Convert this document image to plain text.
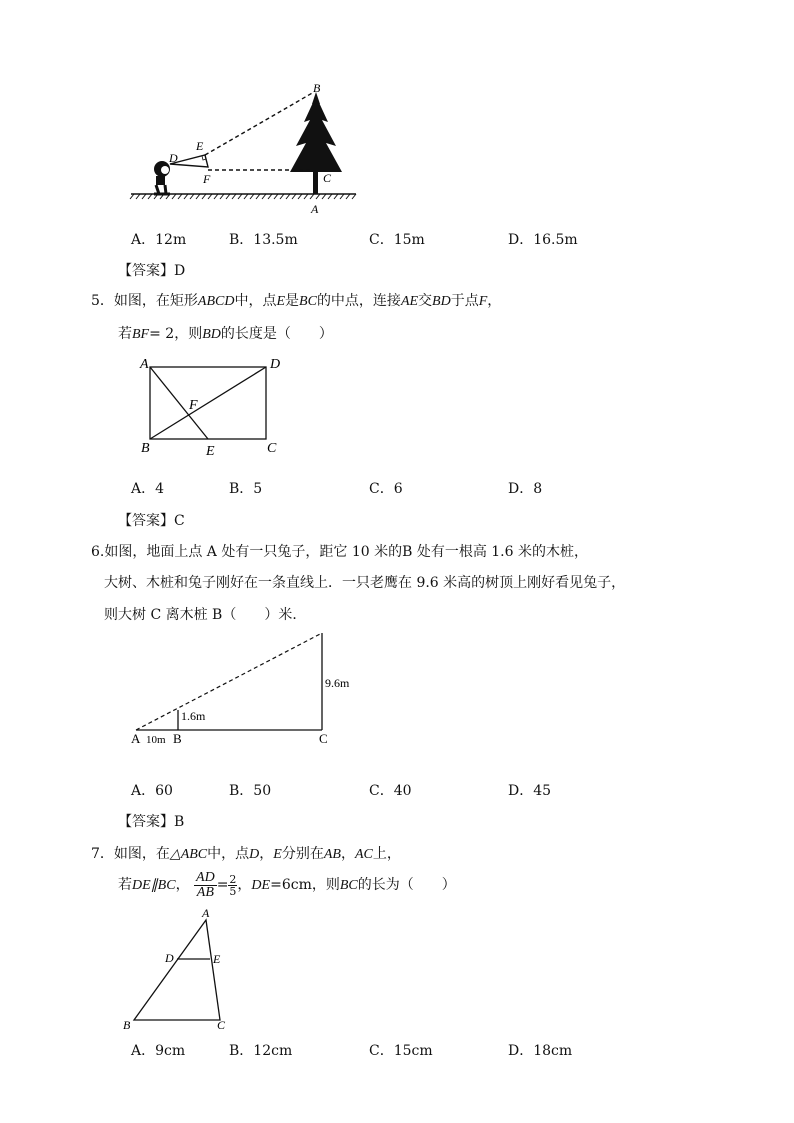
B
E
D
F	C
A
A．12m	B．13.5m	C．15m	D．16.5m
【答案】D
5．如图，在矩形ABCD中，点E是BC的中点，连接AE交BD于点F，
若BF= 2，则BD的长度是（　　）
A	D
F
B	E	C
A．4	B．5	C．6	D．8
【答案】C
6.如图，地面上点 A 处有一只兔子，距它 10 米的B 处有一根高 1.6 米的木桩，
大树、木桩和兔子刚好在一条直线上．一只老鹰在 9.6 米高的树顶上刚好看见兔子，
则大树 C 离木桩 B（　　）米．
9.6m
1.6m
A 10m B	C
A．60	B．50	C．40	D．45
【答案】B
7．如图，在△ABC中，点D，E分别在AB，AC上，
若DE∥BC， $\frac{AD}{AB} = \frac{2}{5}$ ，DE=6cm，则BC的长为（　　）
A
D	E
B	C
A．9cm	B．12cm	C．15cm	D．18cm
